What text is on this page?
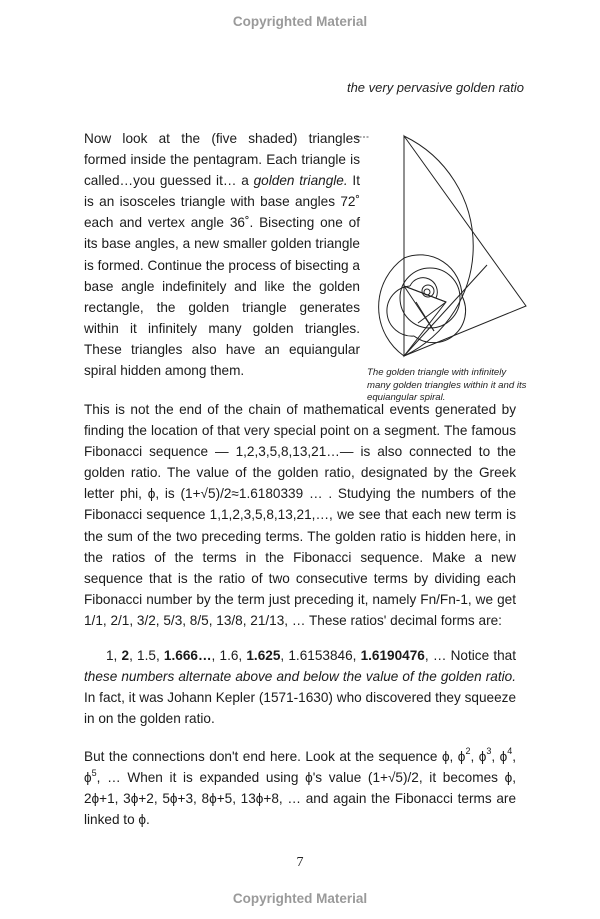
Copyrighted Material
the very pervasive golden ratio

Now look at the (five shaded) triangles formed inside the pentagram. Each triangle is called…you guessed it… a golden triangle. It is an isosceles triangle with base angles 72˚ each and vertex angle 36˚. Bisecting one of its base angles, a new smaller golden triangle is formed. Continue the process of bisecting a base angle indefinitely and like the golden rectangle, the golden triangle generates within it infinitely many golden triangles. These triangles also have an equiangular spiral hidden among them.	The golden triangle with infinitely many golden triangles within it and its equiangular spiral.

This is not the end of the chain of mathematical events generated by finding the location of that very special point on a segment. The famous Fibonacci sequence — 1,2,3,5,8,13,21…— is also connected to the golden ratio. The value of the golden ratio, designated by the Greek letter phi, ϕ, is (1+√5)/2≈1.6180339 … . Studying the numbers of the Fibonacci sequence 1,1,2,3,5,8,13,21,…, we see that each new term is the sum of the two preceding terms. The golden ratio is hidden here, in the ratios of the terms in the Fibonacci sequence. Make a new sequence that is the ratio of two consecutive terms by dividing each Fibonacci number by the term just preceding it, namely Fn/Fn-1, we get 1/1, 2/1, 3/2, 5/3, 8/5, 13/8, 21/13, … These ratios' decimal forms are:

1, 2, 1.5, 1.666…, 1.6, 1.625, 1.6153846, 1.6190476, … Notice that these numbers alternate above and below the value of the golden ratio. In fact, it was Johann Kepler (1571-1630) who discovered they squeeze in on the golden ratio.

But the connections don't end here. Look at the sequence ϕ, $\phi^2$, $\phi^3$, $\phi^4$, $\phi^5$, … When it is expanded using ϕ's value (1+√5)/2, it becomes ϕ, 2ϕ+1, 3ϕ+2, 5ϕ+3, 8ϕ+5, 13ϕ+8, … and again the Fibonacci terms are linked to ϕ.

7
Copyrighted Material
